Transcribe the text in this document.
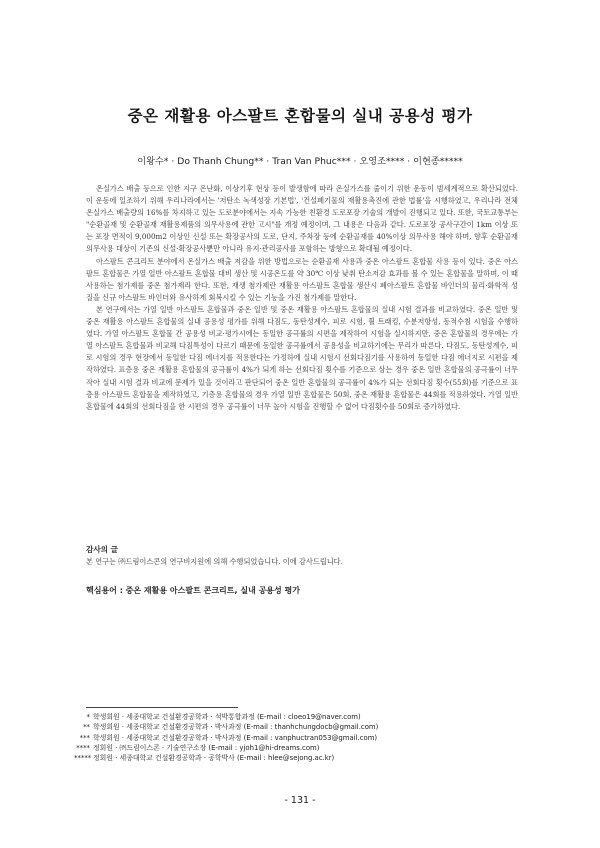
중온 재활용 아스팔트 혼합물의 실내 공용성 평가
이왕수* · Do Thanh Chung** · Tran Van Phuc*** · 오영조**** · 이현종*****

온실가스 배출 등으로 인한 지구 온난화, 이상기후 현상 등이 발생함에 따라 온실가스를 줄이기 위한 운동이 범세계적으로 확산되었다. 이 운동에 일조하기 위해 우리나라에서는 '저탄소 녹색성장 기본법', '건설폐기물의 재활용촉진에 관한 법률'을 시행하였고, 우리나라 전체 온실가스 배출량의 16%를 차지하고 있는 도로분야에서는 지속 가능한 친환경 도로포장 기술의 개발이 진행되고 있다. 또한, 국토교통부는 "순환골재 및 순환골재 재활용제품의 의무사용에 관한 고시"를 개정 예정이며, 그 내용은 다음과 같다. 도로포장 공사구간이 1km 이상 또는 포장 면적이 9,000m2 이상인 신설 또는 확장공사의 도로, 단지, 주차장 등에 순환골재를 40%이상 의무사용 해야 하며, 향후 순환골재 의무사용 대상이 기존의 신설·확장공사뿐만 아니라 유지·관리공사를 포함하는 방향으로 확대될 예정이다.

아스팔트 콘크리트 분야에서 온실가스 배출 저감을 위한 방법으로는 순환골재 사용과 중온 아스팔트 혼합물 사용 등이 있다. 중온 아스팔트 혼합물은 가열 일반 아스팔트 혼합물 대비 생산 및 시공온도를 약 30℃ 이상 낮춰 탄소저감 효과를 볼 수 있는 혼합물을 말하며, 이 때 사용하는 첨가제를 중온 첨가제라 한다. 또한, 재생 첨가제란 재활용 아스팔트 혼합물 생산시 폐아스팔트 혼합물 바인더의 물리·화학적 성질을 신규 아스팔트 바인더와 유사하게 회복시킬 수 있는 기능을 가진 첨가제를 말한다.

본 연구에서는 가열 일반 아스팔트 혼합물과 중온 일반 및 중온 재활용 아스팔트 혼합물의 실내 시험 결과를 비교하였다. 중온 일반 및 중온 재활용 아스팔트 혼합물의 실내 공용성 평가를 위해 다짐도, 동탄성계수, 피로 시험, 휠 트래킹, 수분저항성, 동적수침 시험을 수행하였다. 가열 아스팔트 혼합물 간 공용성 비교·평가시에는 동일한 공극률의 시편을 제작하여 시험을 실시하지만, 중온 혼합물의 경우에는 가열 아스팔트 혼합물과 비교해 다짐특성이 다르기 때문에 동일한 공극률에서 공용성을 비교하기에는 무리가 따른다. 다짐도, 동탄성계수, 피로 시험의 경우 현장에서 동일한 다짐 에너지를 적용한다는 가정하에 실내 시험시 선회다짐기를 사용하여 동일한 다짐 에너지로 시편을 제작하였다. 표층용 중온 재활용 혼합물의 공극률이 4%가 되게 하는 선회다짐 횟수를 기준으로 삼는 경우 중온 일반 혼합물의 공극률이 너무 작아 실내 시험 결과 비교에 문제가 있을 것이라고 판단되어 중온 일반 혼합물의 공극률이 4%가 되는 선회다짐 횟수(55회)를 기준으로 표층용 아스팔트 혼합물을 제작하였고, 기층용 혼합물의 경우 가열 일반 혼합물은 50회, 중온 재활용 혼합물은 44회를 적용하였다. 가열 일반 혼합물에 44회의 선회다짐을 한 시편의 경우 공극률이 너무 높아 시험을 진행할 수 없어 다짐횟수를 50회로 증가하였다.

감사의 글
본 연구는 ㈜드림이스콘의 연구비지원에 의해 수행되었습니다. 이에 감사드립니다.
핵심용어 : 중온 재활용 아스팔트 콘크리트, 실내 공용성 평가
* 학생회원 · 세종대학교 건설환경공학과 · 석박통합과정 (E-mail : cloeo19@naver.com)
** 학생회원 · 세종대학교 건설환경공학과 · 박사과정 (E-mail : thanhchungdocb@gmail.com)
*** 학생회원 · 세종대학교 건설환경공학과 · 박사과정 (E-mail : vanphuctran053@gmail.com)
**** 정회원 · ㈜드림이스콘 · 기술연구소장 (E-mail : yjoh1@hi-dreams.com)
***** 정회원 · 세종대학교 건설환경공학과 · 공학박사 (E-mail : hlee@sejong.ac.kr)
- 131 -
